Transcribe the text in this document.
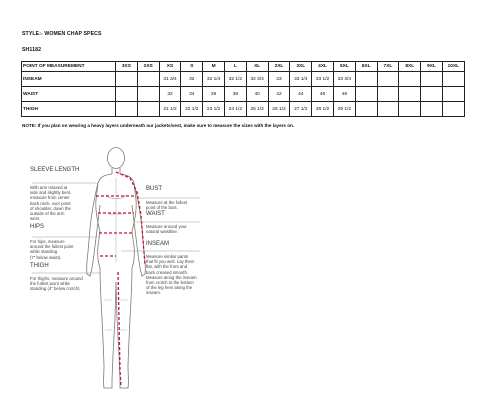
STYLE:- WOMEN CHAP SPECS
SH1182
POINT OF MEASUREMENT	3XS	2XS	XS	S	M	L	XL	2XL	3XL	4XL	5XL	6XL	7XL	8XL	9XL	10XL
INSEAM			31 3/4	32	32 1/4	32 1/2	32 3/4	33	33 1/4	33 1/2	33 3/4					
WAIST			32	34	36	38	40	42	44	46	48					
THIGH			21 1/2	22 1/2	23 1/2	24 1/2	25 1/2	26 1/2	27 1/2	28 1/2	29 1/2					
NOTE: If you plan on wearing a heavy layers underneath our jackets/vest, make sure to measure the sizes with the layers on.
SLEEVE LENGTH
With arm relaxed at
side and slightly bent,
measure from center
back neck, over point
of shoulder, down the
outside of the arm
wrist.
HIPS
For hips, measure
around the fullest point
while standing
(7" below waist).
THIGH
For thighs, measure around
the fullest point while
standing (4" below crotch)
BUST
Measure at the fullest
point of the bust.
WAIST
Measure around your
natural waistline.
INSEAM
Measure similar pants
that fit you well. Lay them
flat, with the front and
back creased smooth.
Measure along the inseam
from crotch to the bottom
of the leg hem along the
inseam.
